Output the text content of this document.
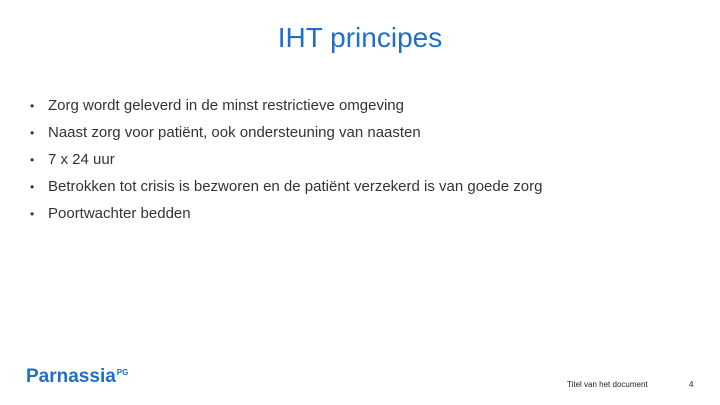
IHT principes
• Zorg wordt geleverd in de minst restrictieve omgeving
• Naast zorg voor patiënt, ook ondersteuning van naasten
• 7 x 24 uur
• Betrokken tot crisis is bezworen en de patiënt verzekerd is van goede zorg
• Poortwachter bedden
Parnassia PG
Titel van het document	4
